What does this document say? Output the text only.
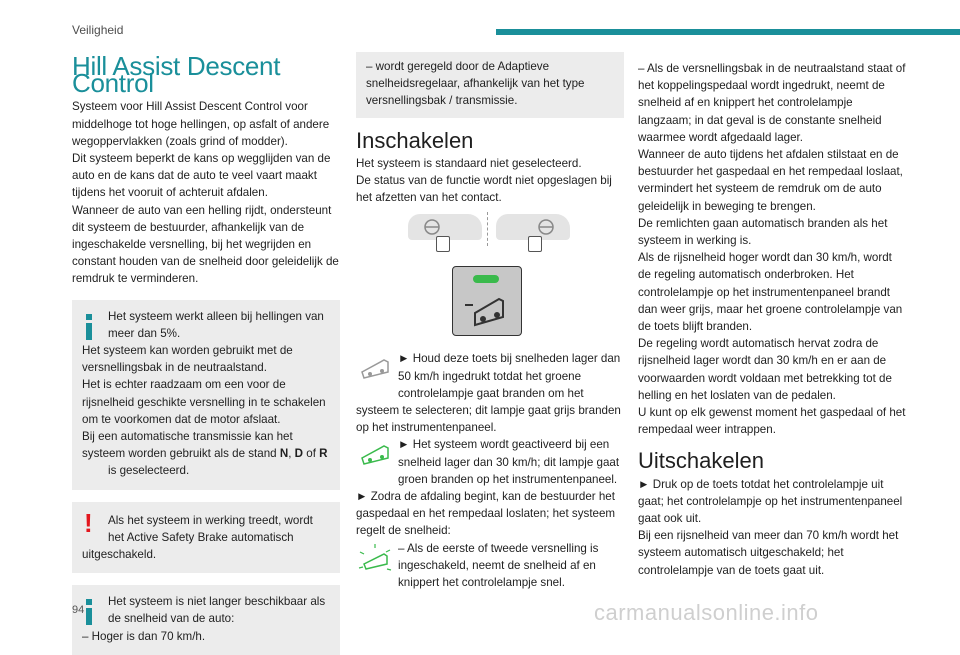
Veiligheid
Hill Assist Descent Control

Systeem voor Hill Assist Descent Control voor middelhoge tot hoge hellingen, op asfalt of andere wegoppervlakken (zoals grind of modder).

Dit systeem beperkt de kans op wegglijden van de auto en de kans dat de auto te veel vaart maakt tijdens het vooruit of achteruit afdalen.

Wanneer de auto van een helling rijdt, ondersteunt dit systeem de bestuurder, afhankelijk van de ingeschakelde versnelling, bij het wegrijden en constant houden van de snelheid door geleidelijk de remdruk te verminderen.

Het systeem werkt alleen bij hellingen van meer dan 5%.

Het systeem kan worden gebruikt met de versnellingsbak in de neutraalstand.

Het is echter raadzaam om een voor de rijsnelheid geschikte versnelling in te schakelen om te voorkomen dat de motor afslaat.

Bij een automatische transmissie kan het systeem worden gebruikt als de stand N, D of R
is geselecteerd.

!	Als het systeem in werking treedt, wordt het Active Safety Brake automatisch

uitgeschakeld.

Het systeem is niet langer beschikbaar als de snelheid van de auto:

– Hoger is dan 70 km/h.

– wordt geregeld door de Adaptieve snelheidsregelaar, afhankelijk van het type versnellingsbak / transmissie.

Inschakelen

Het systeem is standaard niet geselecteerd.

De status van de functie wordt niet opgeslagen bij het afzetten van het contact.

► Houd deze toets bij snelheden lager dan 50 km/h ingedrukt totdat het groene controlelampje gaat branden om het systeem te selecteren; dit lampje gaat grijs branden op het instrumentenpaneel.

► Het systeem wordt geactiveerd bij een snelheid lager dan 30 km/h; dit lampje gaat groen branden op het instrumentenpaneel.

► Zodra de afdaling begint, kan de bestuurder het gaspedaal en het rempedaal loslaten; het systeem regelt de snelheid:

– Als de eerste of tweede versnelling is ingeschakeld, neemt de snelheid af en knippert het controlelampje snel.

– Als de versnellingsbak in de neutraalstand staat of het koppelingspedaal wordt ingedrukt, neemt de snelheid af en knippert het controlelampje langzaam; in dat geval is de constante snelheid waarmee wordt afgedaald lager.

Wanneer de auto tijdens het afdalen stilstaat en de bestuurder het gaspedaal en het rempedaal loslaat, vermindert het systeem de remdruk om de auto geleidelijk in beweging te brengen.

De remlichten gaan automatisch branden als het systeem in werking is.

Als de rijsnelheid hoger wordt dan 30 km/h, wordt de regeling automatisch onderbroken. Het controlelampje op het instrumentenpaneel brandt dan weer grijs, maar het groene controlelampje van de toets blijft branden.

De regeling wordt automatisch hervat zodra de rijsnelheid lager wordt dan 30 km/h en er aan de voorwaarden wordt voldaan met betrekking tot de helling en het loslaten van de pedalen.

U kunt op elk gewenst moment het gaspedaal of het rempedaal weer intrappen.

Uitschakelen

► Druk op de toets totdat het controlelampje uit gaat; het controlelampje op het instrumentenpaneel gaat ook uit.

Bij een rijsnelheid van meer dan 70 km/h wordt het systeem automatisch uitgeschakeld; het controlelampje van de toets gaat uit.

94	carmanualsonline.info
